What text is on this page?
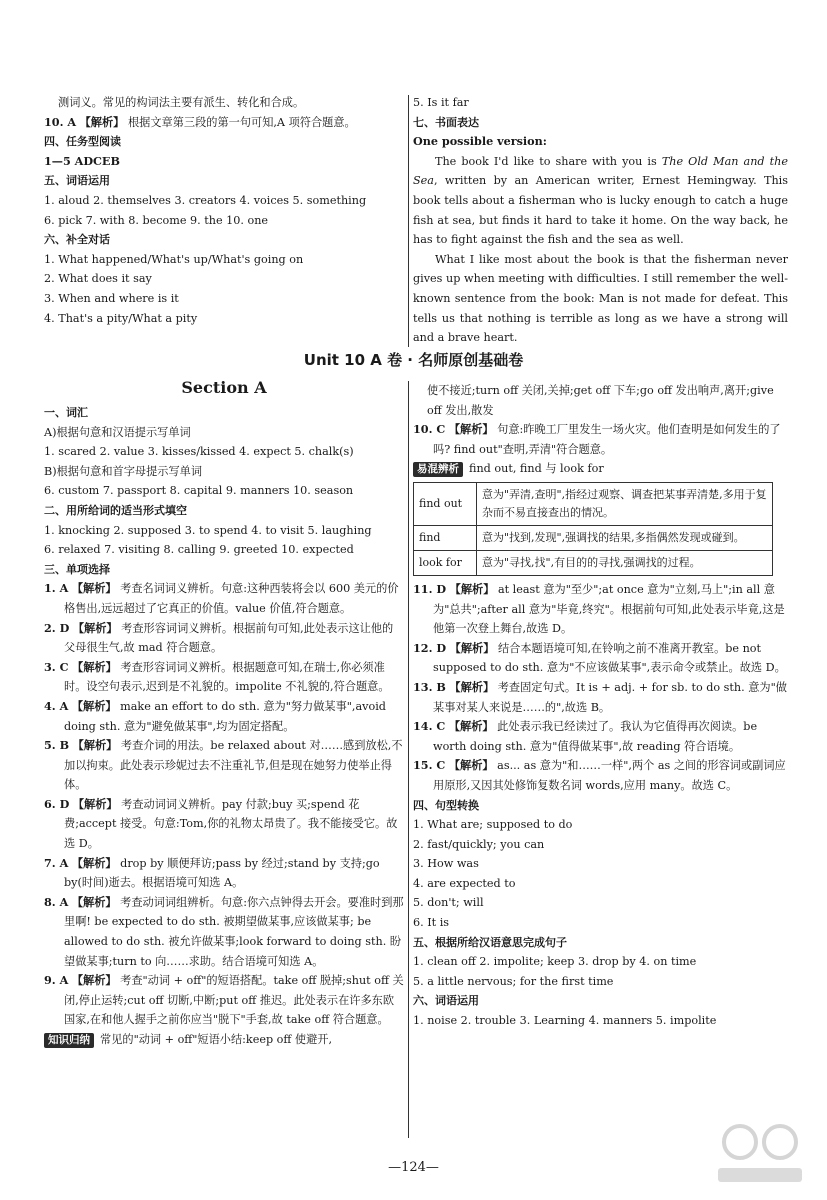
测词义。常见的构词法主要有派生、转化和合成。

10. A 【解析】 根据文章第三段的第一句可知,A 项符合题意。

四、任务型阅读

1—5 ADCEB

五、词语运用

1. aloud 2. themselves 3. creators 4. voices 5. something

6. pick 7. with 8. become 9. the 10. one

六、补全对话

1. What happened/What's up/What's going on

2. What does it say

3. When and where is it

4. That's a pity/What a pity

5. Is it far

七、书面表达

One possible version:

The book I'd like to share with you is The Old Man and the Sea, written by an American writer, Ernest Hemingway. This book tells about a fisherman who is lucky enough to catch a huge fish at sea, but finds it hard to take it home. On the way back, he has to fight against the fish and the sea as well.

What I like most about the book is that the fisherman never gives up when meeting with difficulties. I still remember the well-known sentence from the book: Man is not made for defeat. This tells us that nothing is terrible as long as we have a strong will and a brave heart.

Unit 10 A 卷 · 名师原创基础卷
Section A

一、词汇

A)根据句意和汉语提示写单词

1. scared 2. value 3. kisses/kissed 4. expect 5. chalk(s)

B)根据句意和首字母提示写单词

6. custom 7. passport 8. capital 9. manners 10. season

二、用所给词的适当形式填空

1. knocking 2. supposed 3. to spend 4. to visit 5. laughing

6. relaxed 7. visiting 8. calling 9. greeted 10. expected

三、单项选择

1. A 【解析】 考查名词词义辨析。句意:这种西装将会以 600 美元的价格售出,远远超过了它真正的价值。value 价值,符合题意。

2. D 【解析】 考查形容词词义辨析。根据前句可知,此处表示这让他的父母很生气,故 mad 符合题意。

3. C 【解析】 考查形容词词义辨析。根据题意可知,在瑞士,你必须准时。设空句表示,迟到是不礼貌的。impolite 不礼貌的,符合题意。

4. A 【解析】 make an effort to do sth. 意为"努力做某事",avoid doing sth. 意为"避免做某事",均为固定搭配。

5. B 【解析】 考查介词的用法。be relaxed about 对……感到放松,不加以拘束。此处表示珍妮过去不注重礼节,但是现在她努力使举止得体。

6. D 【解析】 考查动词词义辨析。pay 付款;buy 买;spend 花费;accept 接受。句意:Tom,你的礼物太昂贵了。我不能接受它。故选 D。

7. A 【解析】 drop by 顺便拜访;pass by 经过;stand by 支持;go by(时间)逝去。根据语境可知选 A。

8. A 【解析】 考查动词词组辨析。句意:你六点钟得去开会。要准时到那里啊! be expected to do sth. 被期望做某事,应该做某事; be allowed to do sth. 被允许做某事;look forward to doing sth. 盼望做某事;turn to 向……求助。结合语境可知选 A。

9. A 【解析】 考查"动词 + off"的短语搭配。take off 脱掉;shut off 关闭,停止运转;cut off 切断,中断;put off 推迟。此处表示在许多东欧国家,在和他人握手之前你应当"脱下"手套,故 take off 符合题意。

知识归纳 常见的"动词 + off"短语小结:keep off 使避开,

使不接近;turn off 关闭,关掉;get off 下车;go off 发出响声,离开;give off 发出,散发

10. C 【解析】 句意:昨晚工厂里发生一场火灾。他们查明是如何发生的了吗? find out"查明,弄清"符合题意。

易混辨析 find out, find 与 look for

find out	意为"弄清,查明",指经过观察、调查把某事弄清楚,多用于复杂而不易直接查出的情况。
find	意为"找到,发现",强调找的结果,多指偶然发现或碰到。
look for	意为"寻找,找",有目的的寻找,强调找的过程。

11. D 【解析】 at least 意为"至少";at once 意为"立刻,马上";in all 意为"总共";after all 意为"毕竟,终究"。根据前句可知,此处表示毕竟,这是他第一次登上舞台,故选 D。

12. D 【解析】 结合本题语境可知,在铃响之前不准离开教室。be not supposed to do sth. 意为"不应该做某事",表示命令或禁止。故选 D。

13. B 【解析】 考查固定句式。It is + adj. + for sb. to do sth. 意为"做某事对某人来说是……的",故选 B。

14. C 【解析】 此处表示我已经读过了。我认为它值得再次阅读。be worth doing sth. 意为"值得做某事",故 reading 符合语境。

15. C 【解析】 as... as 意为"和……一样",两个 as 之间的形容词或副词应用原形,又因其处修饰复数名词 words,应用 many。故选 C。

四、句型转换

1. What are; supposed to do

2. fast/quickly; you can

3. How was

4. are expected to

5. don't; will

6. It is

五、根据所给汉语意思完成句子

1. clean off 2. impolite; keep 3. drop by 4. on time

5. a little nervous; for the first time

六、词语运用

1. noise 2. trouble 3. Learning 4. manners 5. impolite

—124—
